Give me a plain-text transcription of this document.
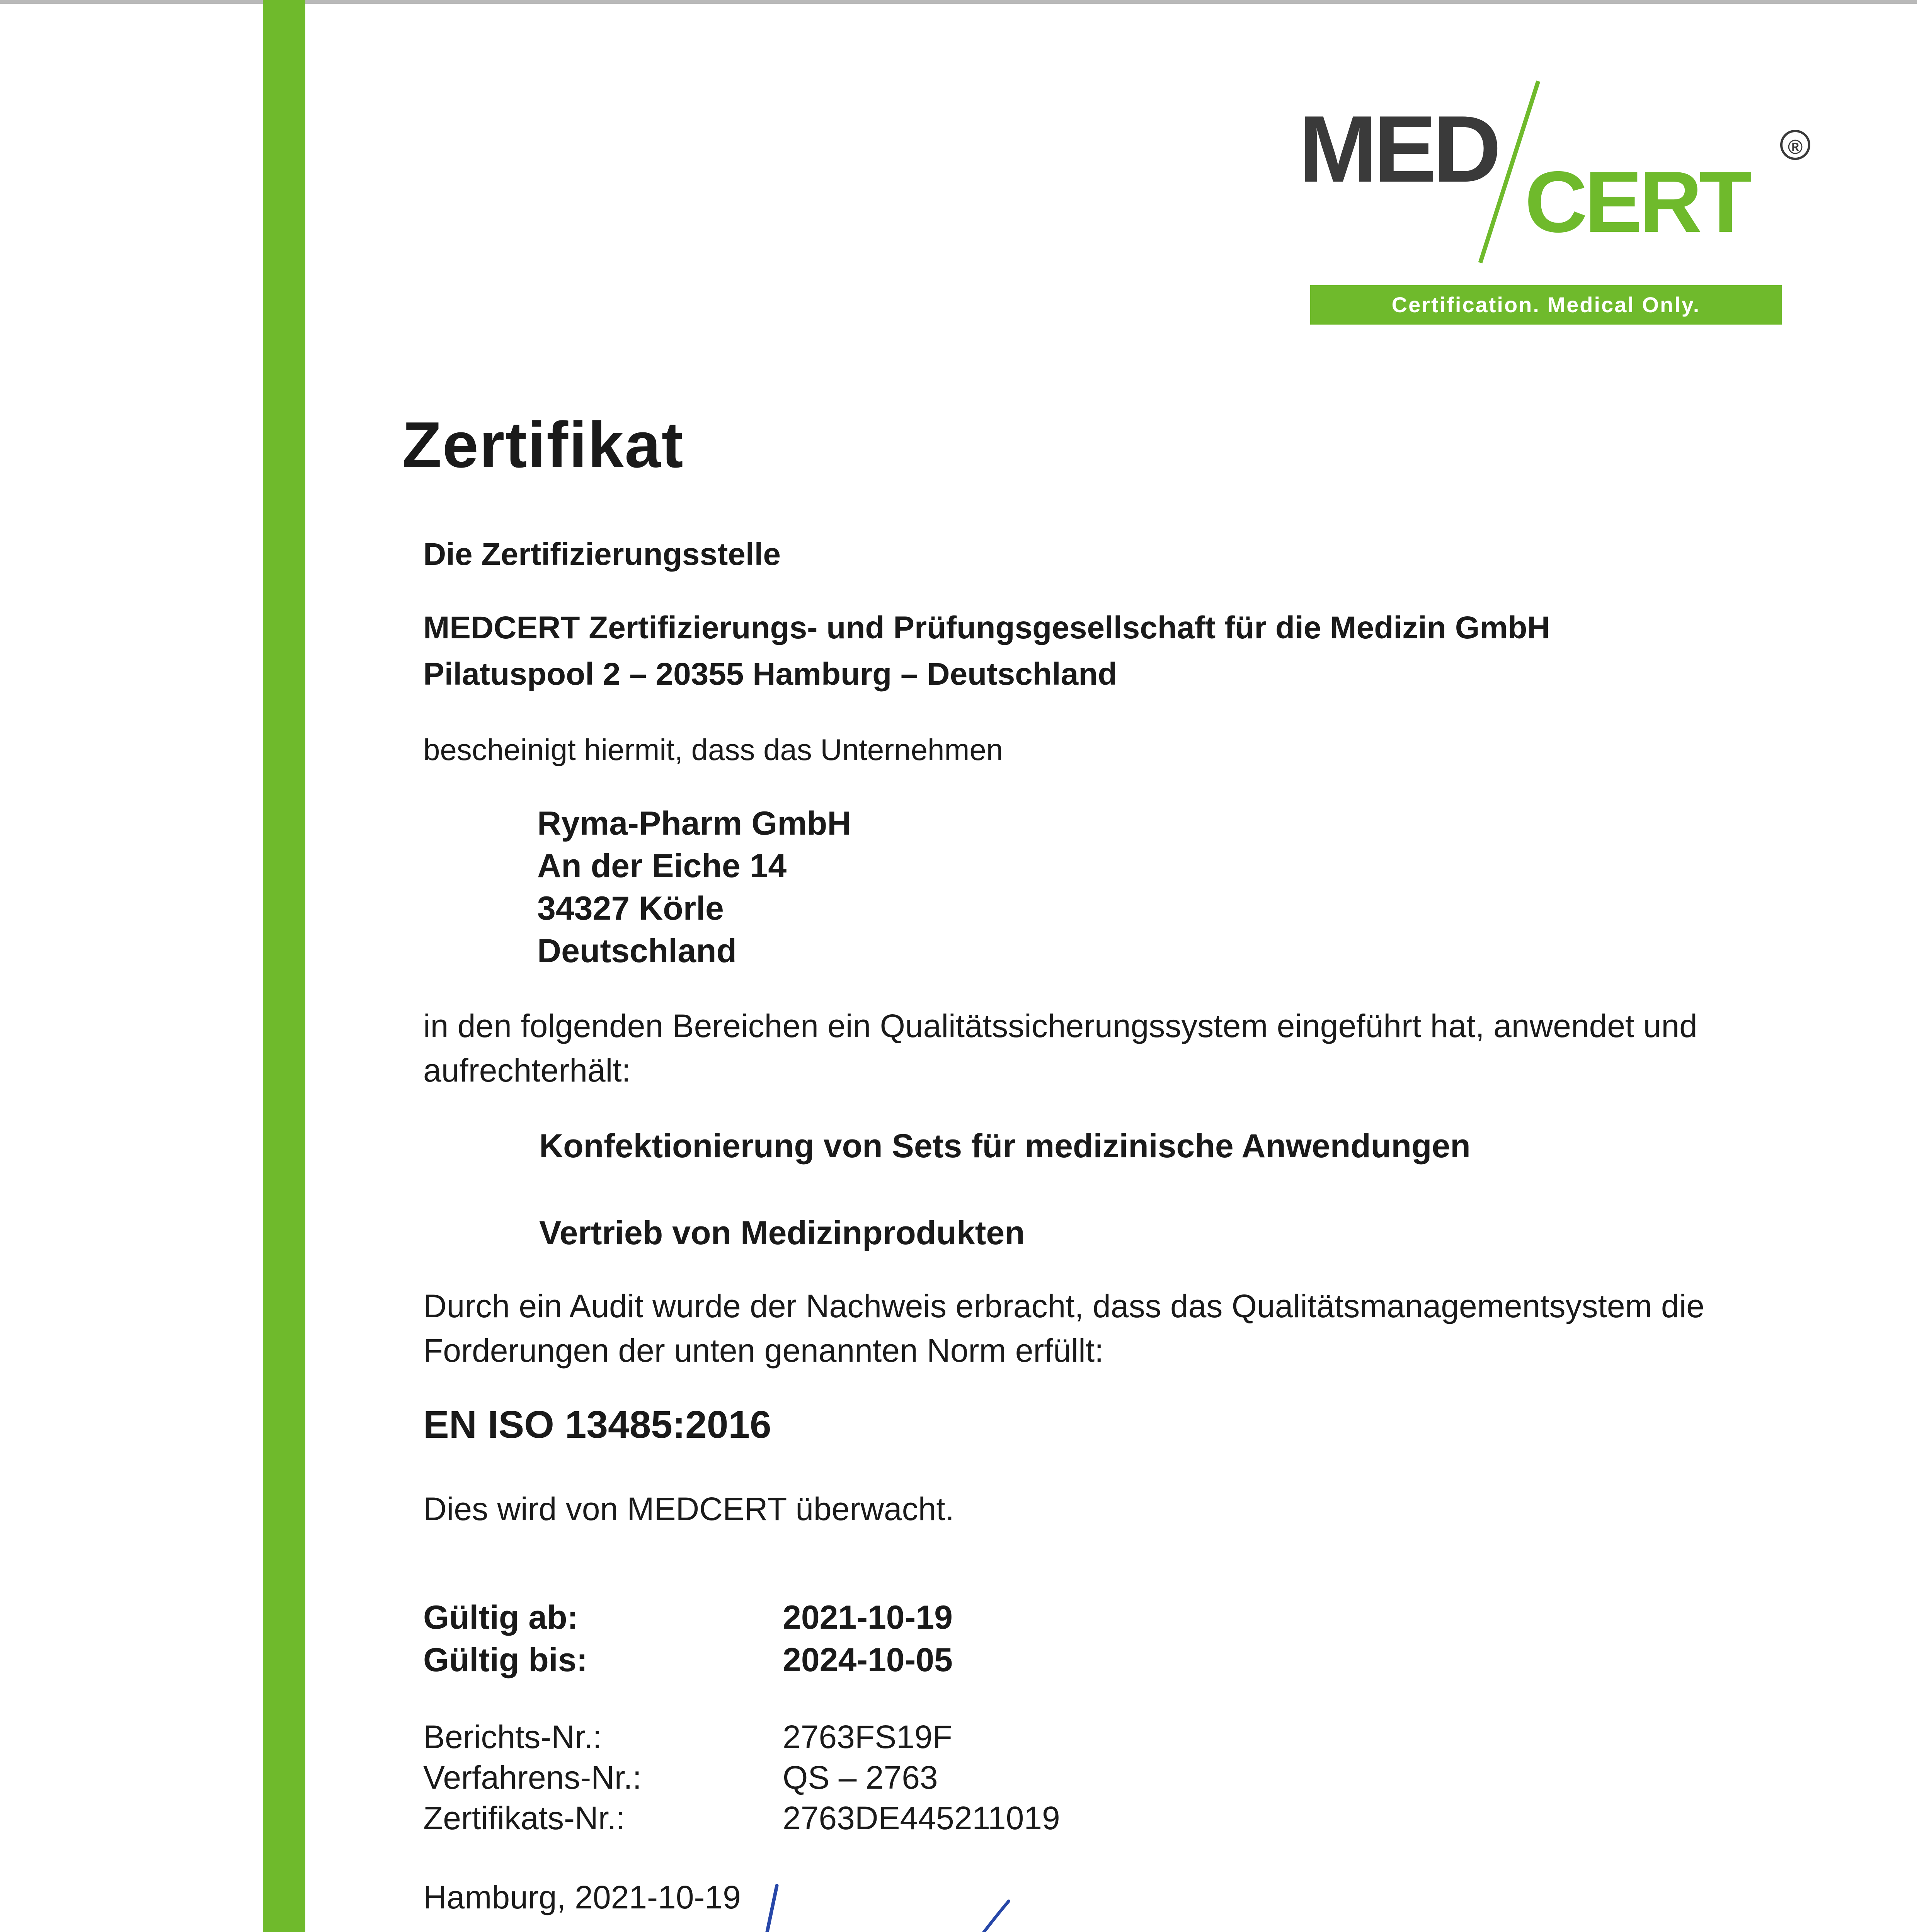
MED CERT
®
Certification. Medical Only.
Zertifikat
Die Zertifizierungsstelle
MEDCERT Zertifizierungs- und Prüfungsgesellschaft für die Medizin GmbH
Pilatuspool 2 – 20355 Hamburg – Deutschland
bescheinigt hiermit, dass das Unternehmen
Ryma-Pharm GmbH
An der Eiche 14
34327 Körle
Deutschland
in den folgenden Bereichen ein Qualitätssicherungssystem eingeführt hat, anwendet und
aufrechterhält:
Konfektionierung von Sets für medizinische Anwendungen
Vertrieb von Medizinprodukten
Durch ein Audit wurde der Nachweis erbracht, dass das Qualitätsmanagementsystem die
Forderungen der unten genannten Norm erfüllt:
EN ISO 13485:2016
Dies wird von MEDCERT überwacht.
Gültig ab:	2021-10-19
Gültig bis:	2024-10-05
Berichts-Nr.:	2763FS19F
Verfahrens-Nr.:	QS – 2763
Zertifikats-Nr.:	2763DE445211019
Hamburg, 2021-10-19
